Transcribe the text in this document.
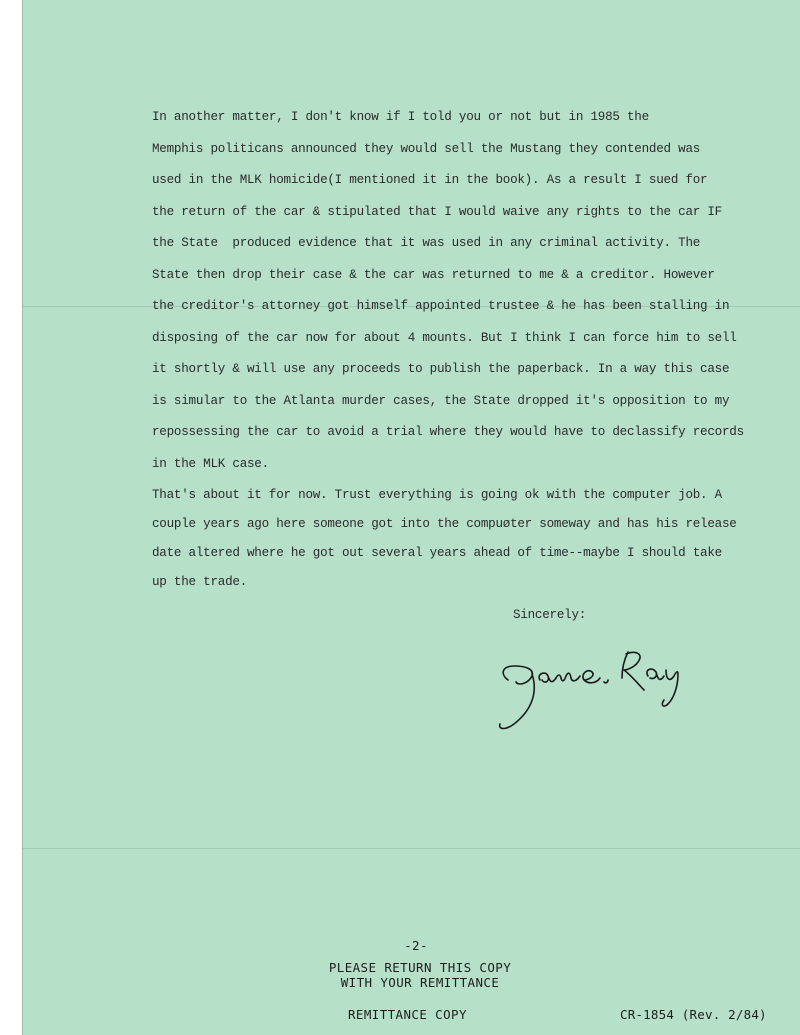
In another matter, I don't know if I told you or not but in 1985 the
Memphis politicans announced they would sell the Mustang they contended was
used in the MLK homicide(I mentioned it in the book). As a result I sued for
the return of the car & stipulated that I would waive any rights to the car IF
the State  produced evidence that it was used in any criminal activity. The
State then drop their case & the car was returned to me & a creditor. However
the creditor's attorney got himself appointed trustee & he has been stalling in
disposing of the car now for about 4 mounts. But I think I can force him to sell
it shortly & will use any proceeds to publish the paperback. In a way this case
is simular to the Atlanta murder cases, the State dropped it's opposition to my
repossessing the car to avoid a trial where they would have to declassify records
in the MLK case.
That's about it for now. Trust everything is going ok with the computer job. A
couple years ago here someone got into the compuøter someway and has his release
date altered where he got out several years ahead of time--maybe I should take
up the trade.
Sincerely:
-2-
PLEASE RETURN THIS COPY
WITH YOUR REMITTANCE
REMITTANCE COPY	CR-1854 (Rev. 2/84)
